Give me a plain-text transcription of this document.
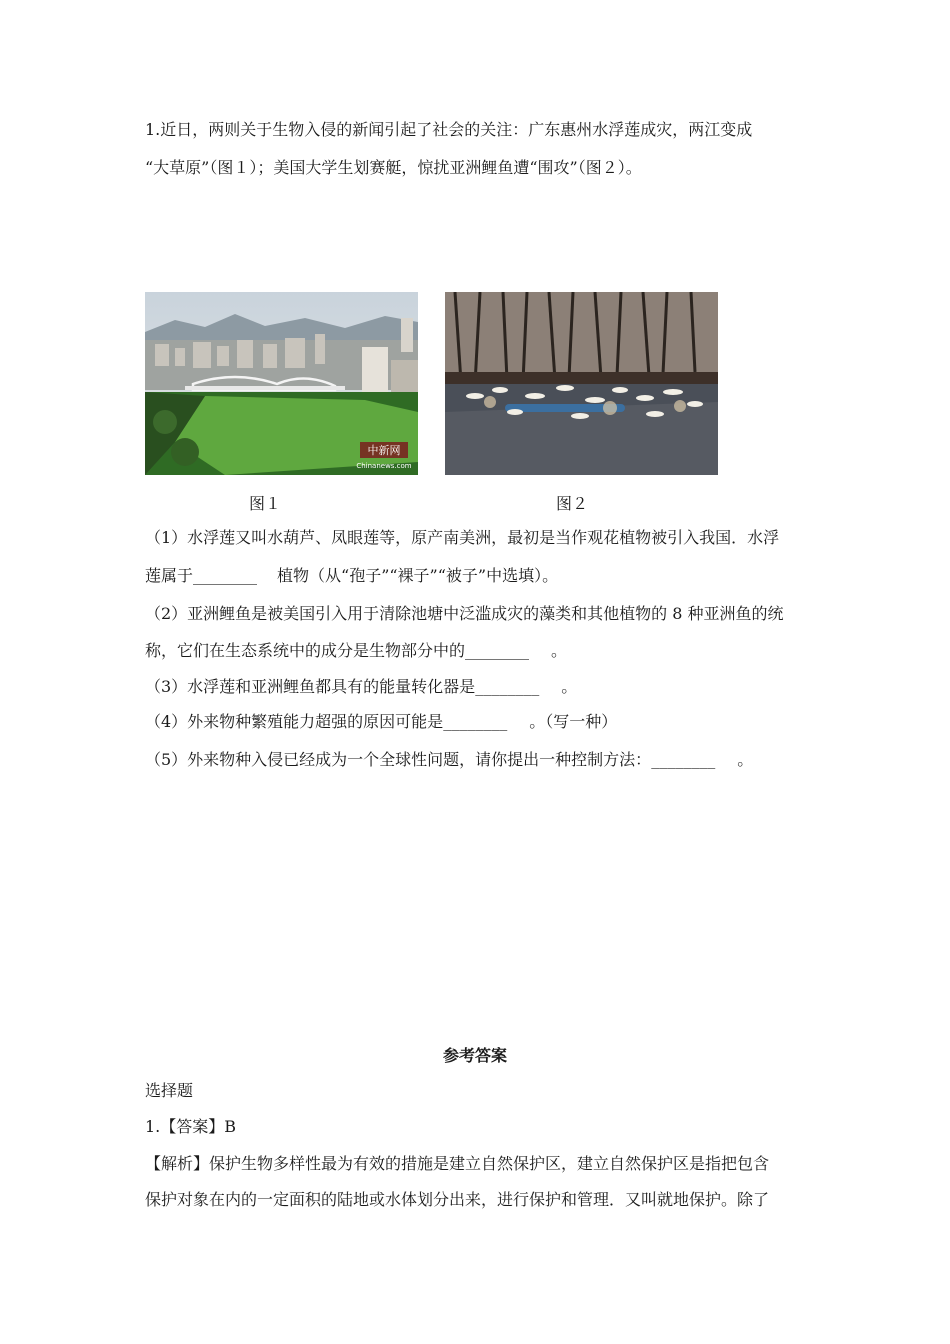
1.近日，两则关于生物入侵的新闻引起了社会的关注：广东惠州水浮莲成灾，两江变成
“大草原”（图１）；美国大学生划赛艇，惊扰亚洲鲤鱼遭“围攻”（图２）。
中新网
Chinanews.com
图１	图２
（1）水浮莲又叫水葫芦、凤眼莲等，原产南美洲，最初是当作观花植物被引入我国．水浮
莲属于________ 植物（从“孢子”“裸子”“被子”中选填）。
（2）亚洲鲤鱼是被美国引入用于清除池塘中泛滥成灾的藻类和其他植物的 8 种亚洲鱼的统
称，它们在生态系统中的成分是生物部分中的________ 。
（3）水浮莲和亚洲鲤鱼都具有的能量转化器是________ 。
（4）外来物种繁殖能力超强的原因可能是________ 。（写一种）
（5）外来物种入侵已经成为一个全球性问题，请你提出一种控制方法：________ 。
参考答案
选择题
1.【答案】B
【解析】保护生物多样性最为有效的措施是建立自然保护区，建立自然保护区是指把包含
保护对象在内的一定面积的陆地或水体划分出来，进行保护和管理．又叫就地保护。除了
